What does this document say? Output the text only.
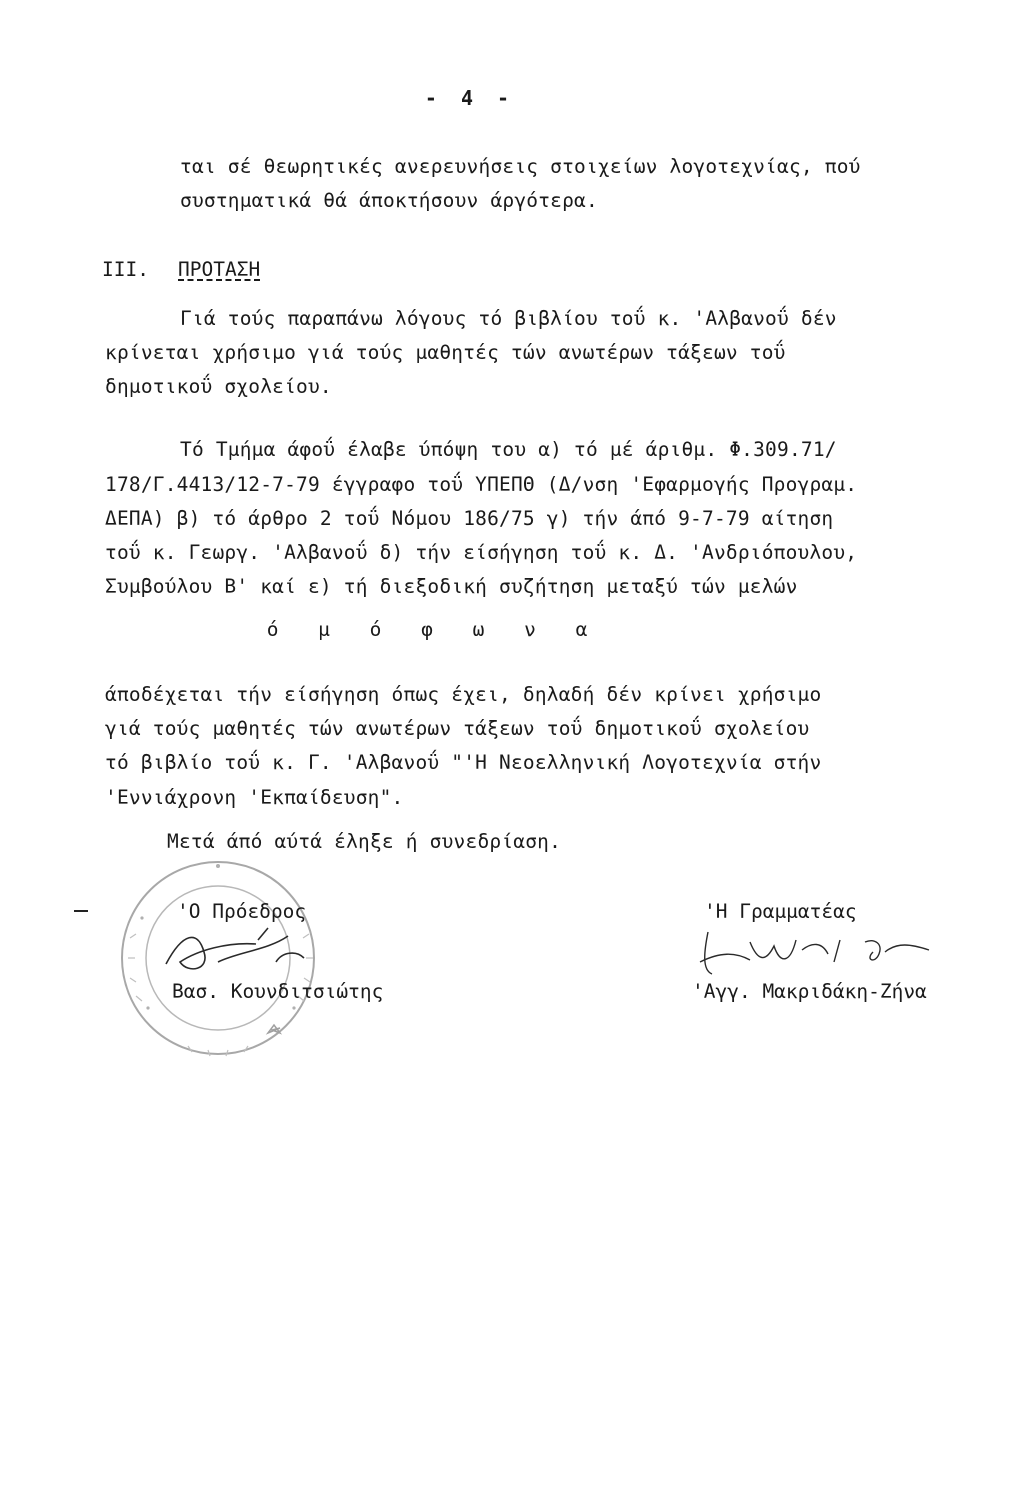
- 4 -
ται σέ θεωρητικές ανερευνήσεις στοιχείων λογοτεχνίας, πού
συστηματικά θά άποκτήσουν άργότερα.
III. ΠΡΟΤΑΣΗ
Γιά τούς παραπάνω λόγους τό βιβλίου τοΰ κ. 'Αλβανοΰ δέν
κρίνεται χρήσιμο γιά τούς μαθητές τών ανωτέρων τάξεων τοΰ
δημοτικοΰ σχολείου.
Τό Τμήμα άφοΰ έλαβε ύπόψη του α) τό μέ άριθμ. Φ.309.71/
178/Γ.4413/12-7-79 έγγραφο τοΰ ΥΠΕΠΘ (Δ/νση 'Εφαρμογής Προγραμ.
ΔΕΠΑ) β) τό άρθρο 2 τοΰ Νόμου 186/75 γ) τήν άπό 9-7-79 αίτηση
τοΰ κ. Γεωργ. 'Αλβανοΰ δ) τήν είσήγηση τοΰ κ. Δ. 'Ανδριόπουλου,
Συμβούλου Β' καί ε) τή διεξοδική συζήτηση μεταξύ τών μελών
ό μ ό φ ω ν α
άποδέχεται τήν είσήγηση όπως έχει, δηλαδή δέν κρίνει χρήσιμο
γιά τούς μαθητές τών ανωτέρων τάξεων τοΰ δημοτικοΰ σχολείου
τό βιβλίο τοΰ κ. Γ. 'Αλβανοΰ "'Η Νεοελληνική Λογοτεχνία στήν
'Εννιάχρονη 'Εκπαίδευση".
Μετά άπό αύτά έληξε ή συνεδρίαση.
'Ο Πρόεδρος
Βασ. Κουνδιτσιώτης
'Η Γραμματέας
'Αγγ. Μακριδάκη-Ζήνα
